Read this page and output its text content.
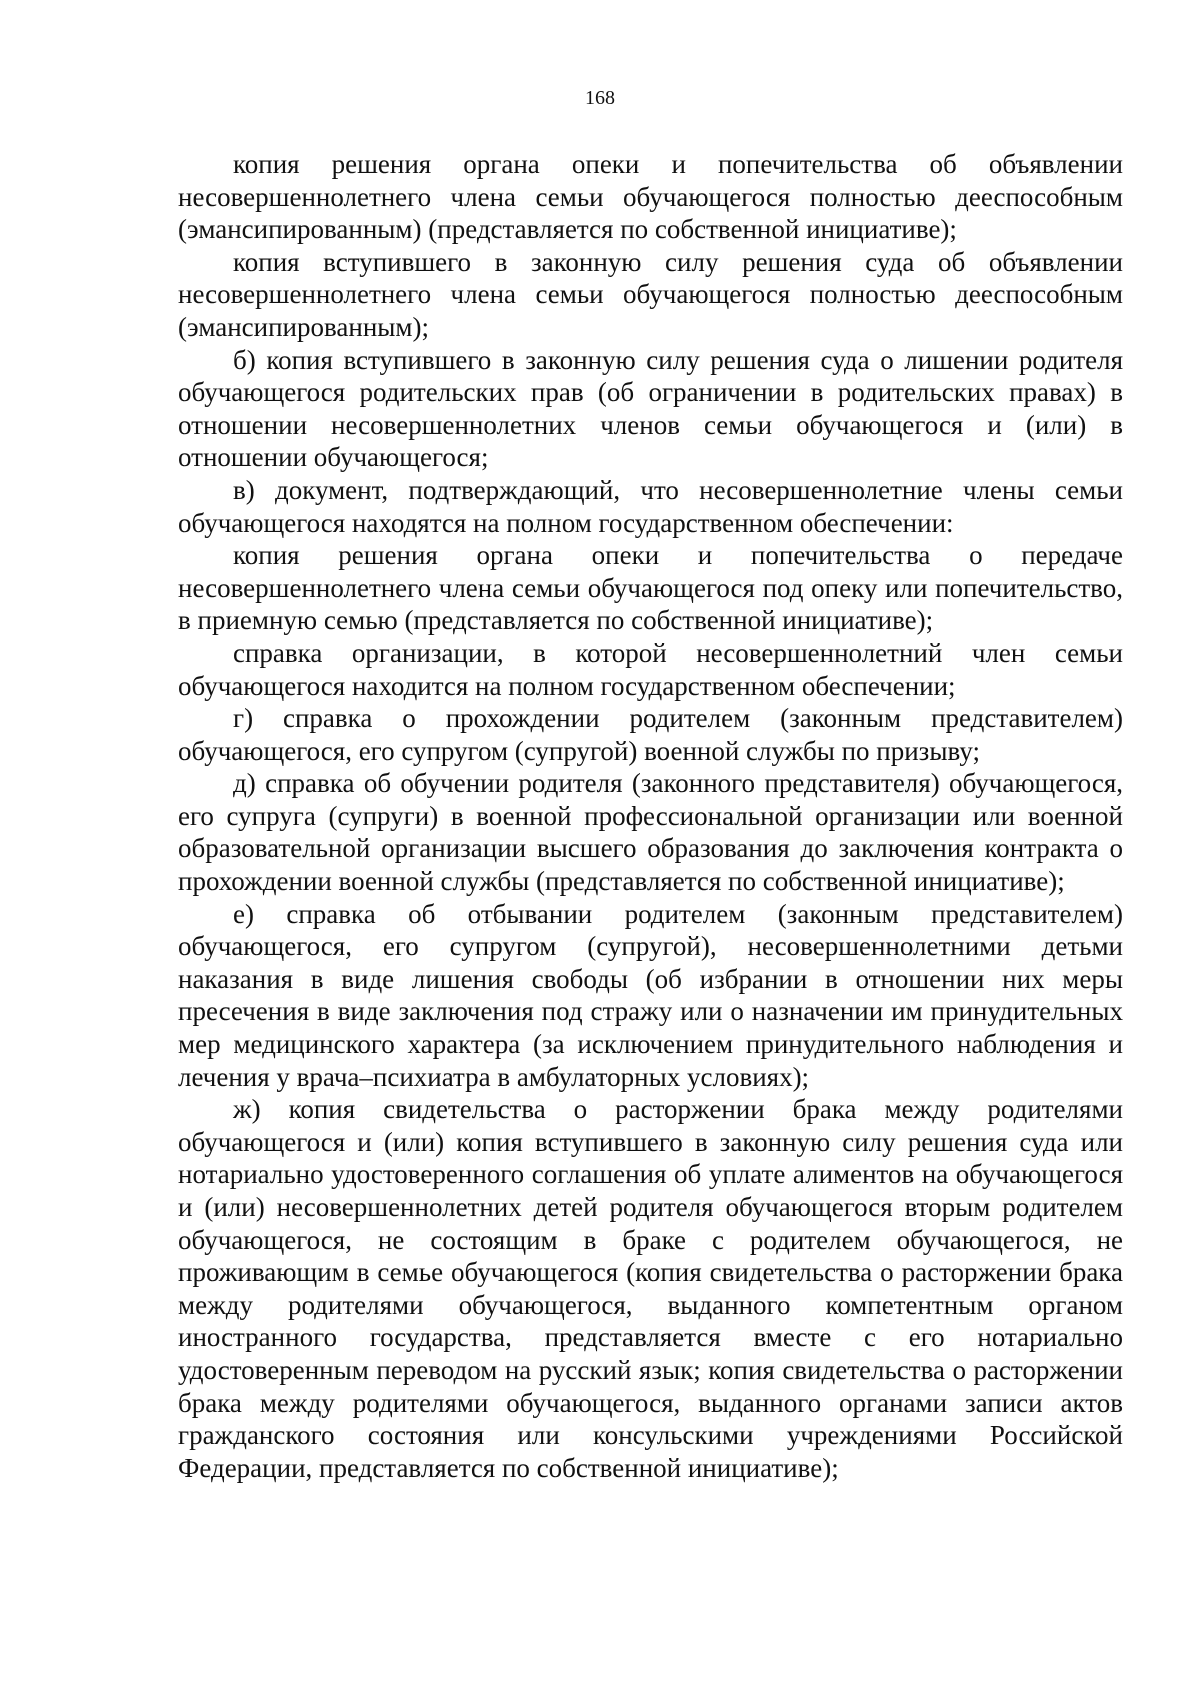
168

копия решения органа опеки и попечительства об объявлении несовершеннолетнего члена семьи обучающегося полностью дееспособным (эмансипированным) (представляется по собственной инициативе);

копия вступившего в законную силу решения суда об объявлении несовершеннолетнего члена семьи обучающегося полностью дееспособным (эмансипированным);

б) копия вступившего в законную силу решения суда о лишении родителя обучающегося родительских прав (об ограничении в родительских правах) в отношении несовершеннолетних членов семьи обучающегося и (или) в отношении обучающегося;

в) документ, подтверждающий, что несовершеннолетние члены семьи обучающегося находятся на полном государственном обеспечении:

копия решения органа опеки и попечительства о передаче несовершеннолетнего члена семьи обучающегося под опеку или попечительство, в приемную семью (представляется по собственной инициативе);

справка организации, в которой несовершеннолетний член семьи обучающегося находится на полном государственном обеспечении;

г) справка о прохождении родителем (законным представителем) обучающегося, его супругом (супругой) военной службы по призыву;

д) справка об обучении родителя (законного представителя) обучающегося, его супруга (супруги) в военной профессиональной организации или военной образовательной организации высшего образования до заключения контракта о прохождении военной службы (представляется по собственной инициативе);

е) справка об отбывании родителем (законным представителем) обучающегося, его супругом (супругой), несовершеннолетними детьми наказания в виде лишения свободы (об избрании в отношении них меры пресечения в виде заключения под стражу или о назначении им принудительных мер медицинского характера (за исключением принудительного наблюдения и лечения у врача–психиатра в амбулаторных условиях);

ж) копия свидетельства о расторжении брака между родителями обучающегося и (или) копия вступившего в законную силу решения суда или нотариально удостоверенного соглашения об уплате алиментов на обучающегося и (или) несовершеннолетних детей родителя обучающегося вторым родителем обучающегося, не состоящим в браке с родителем обучающегося, не проживающим в семье обучающегося (копия свидетельства о расторжении брака между родителями обучающегося, выданного компетентным органом иностранного государства, представляется вместе с его нотариально удостоверенным переводом на русский язык; копия свидетельства о расторжении брака между родителями обучающегося, выданного органами записи актов гражданского состояния или консульскими учреждениями Российской Федерации, представляется по собственной инициативе);
